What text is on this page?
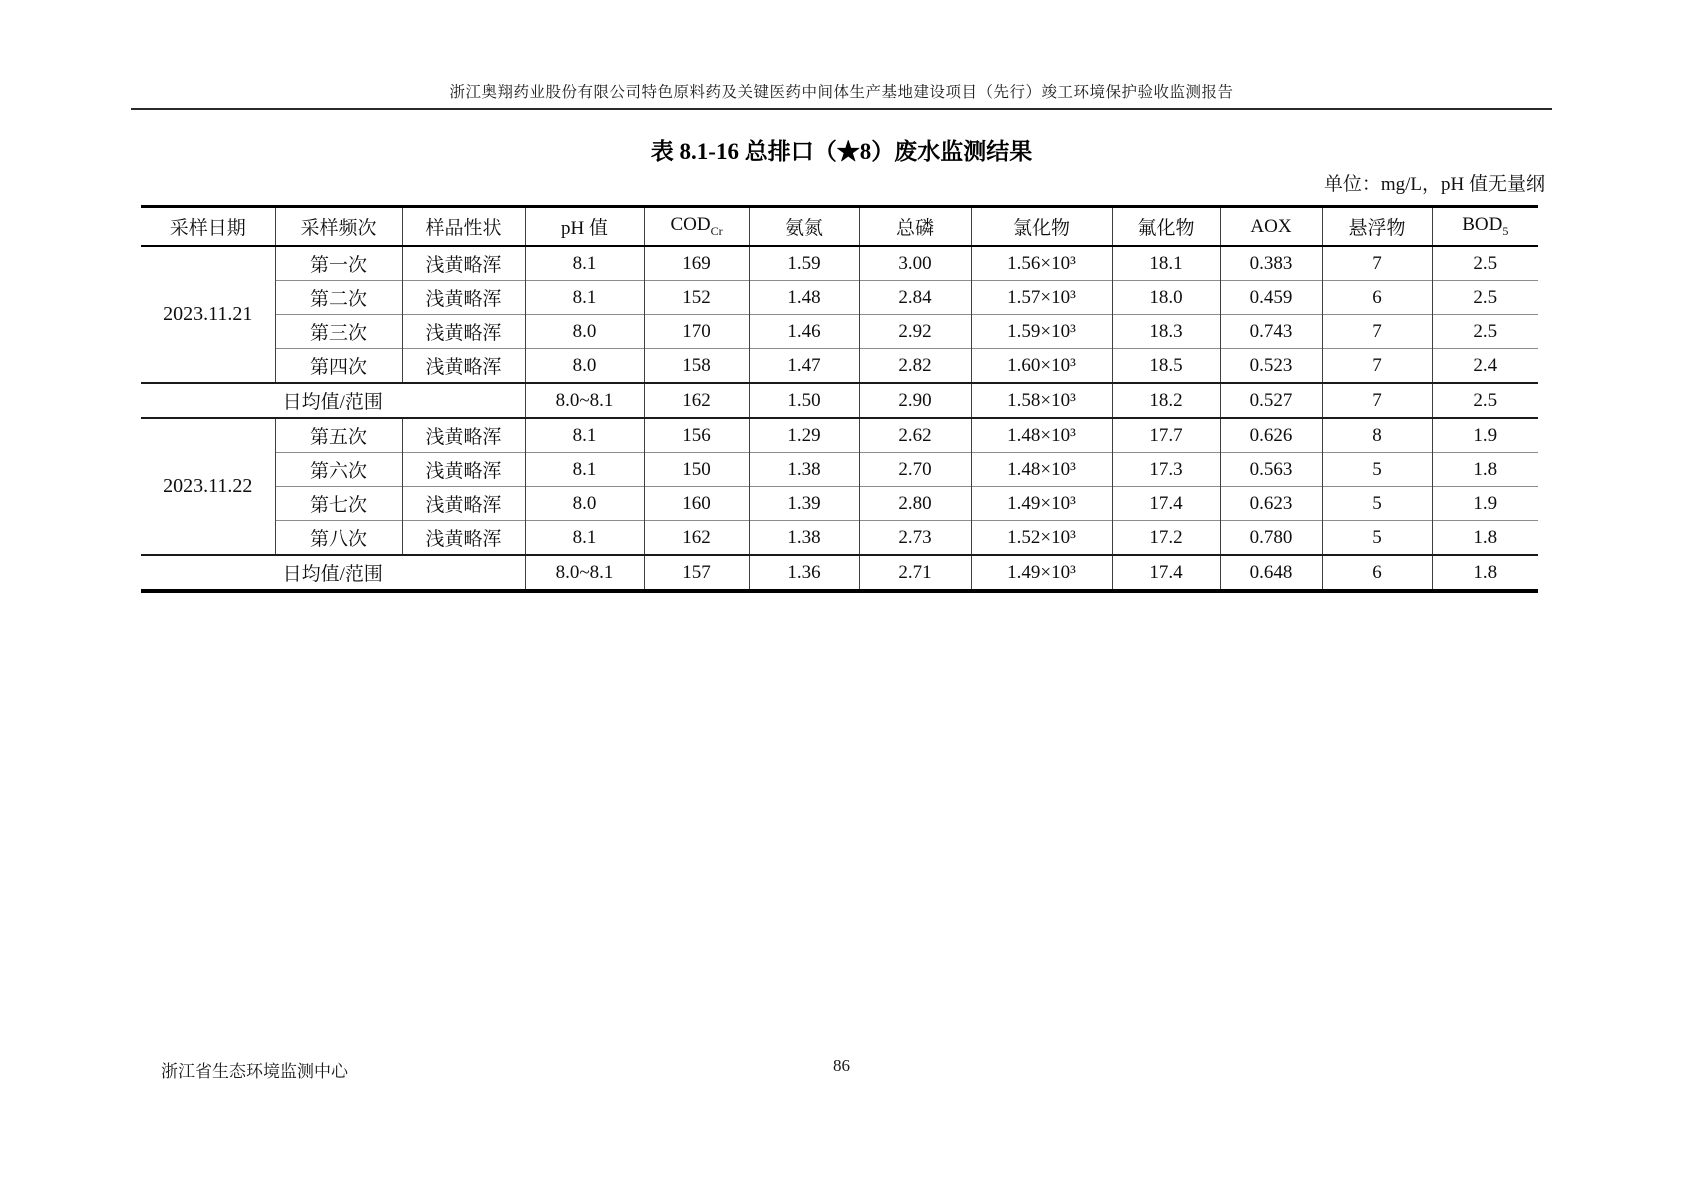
浙江奥翔药业股份有限公司特色原料药及关键医药中间体生产基地建设项目（先行）竣工环境保护验收监测报告
表 8.1-16 总排口（★8）废水监测结果
单位：mg/L，pH 值无量纲
采样日期	采样频次	样品性状	pH 值	$COD_{Cr}$	氨氮	总磷	氯化物	氟化物	AOX	悬浮物	$BOD_5$
2023.11.21	第一次	浅黄略浑	8.1	169	1.59	3.00	1.56×10³	18.1	0.383	7	2.5
	第二次	浅黄略浑	8.1	152	1.48	2.84	1.57×10³	18.0	0.459	6	2.5
	第三次	浅黄略浑	8.0	170	1.46	2.92	1.59×10³	18.3	0.743	7	2.5
	第四次	浅黄略浑	8.0	158	1.47	2.82	1.60×10³	18.5	0.523	7	2.4
日均值/范围			8.0~8.1	162	1.50	2.90	1.58×10³	18.2	0.527	7	2.5
2023.11.22	第五次	浅黄略浑	8.1	156	1.29	2.62	1.48×10³	17.7	0.626	8	1.9
	第六次	浅黄略浑	8.1	150	1.38	2.70	1.48×10³	17.3	0.563	5	1.8
	第七次	浅黄略浑	8.0	160	1.39	2.80	1.49×10³	17.4	0.623	5	1.9
	第八次	浅黄略浑	8.1	162	1.38	2.73	1.52×10³	17.2	0.780	5	1.8
日均值/范围			8.0~8.1	157	1.36	2.71	1.49×10³	17.4	0.648	6	1.8
浙江省生态环境监测中心	86
